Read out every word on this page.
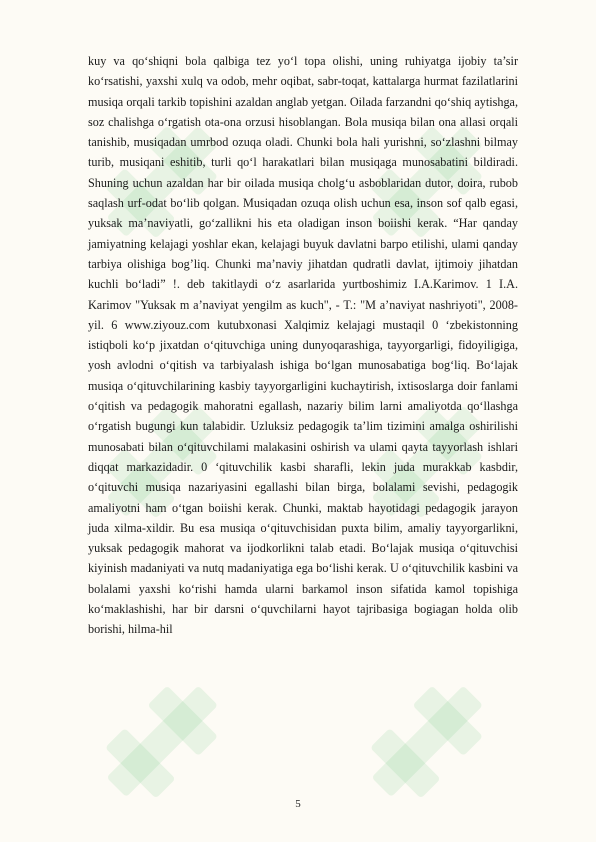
kuy va qo‘shiqni bola qalbiga tez yo‘l topa olishi, uning ruhiyatga ijobiy ta’sir ko‘rsatishi, yaxshi xulq va odob, mehr oqibat, sabr-toqat, kattalarga hurmat fazilatlarini musiqa orqali tarkib topishini azaldan anglab yetgan. Oilada farzandni qo‘shiq aytishga, soz chalishga o‘rgatish ota-ona orzusi hisoblangan. Bola musiqa bilan ona allasi orqali tanishib, musiqadan umrbod ozuqa oladi. Chunki bola hali yurishni, so‘zlashni bilmay turib, musiqani eshitib, turli qo‘l harakatlari bilan musiqaga munosabatini bildiradi. Shuning uchun azaldan har bir oilada musiqa cholg‘u asboblaridan dutor, doira, rubob saqlash urf-odat bo‘lib qolgan. Musiqadan ozuqa olish uchun esa, inson sof qalb egasi, yuksak ma’naviyatli, go‘zallikni his eta oladigan inson boiishi kerak. “Har qanday jamiyatning kelajagi yoshlar ekan, kelajagi buyuk davlatni barpo etilishi, ulami qanday tarbiya olishiga bog’liq. Chunki ma’naviy jihatdan qudratli davlat, ijtimoiy jihatdan kuchli bo‘ladi” !. deb takitlaydi o‘z asarlarida yurtboshimiz I.A.Karimov. 1 I.A. Karimov "Yuksak m a’naviyat yengilm as kuch", - T.: "M a’naviyat nashriyoti", 2008-yil. 6 www.ziyouz.com kutubxonasi Xalqimiz kelajagi mustaqil 0 ‘zbekistonning istiqboli ko‘p jixatdan o‘qituvchiga uning dunyoqarashiga, tayyorgarligi, fidoyiligiga, yosh avlodni o‘qitish va tarbiyalash ishiga bo‘lgan munosabatiga bog‘liq. Bo‘lajak musiqa o‘qituvchilarining kasbiy tayyorgarligini kuchaytirish, ixtisoslarga doir fanlami o‘qitish va pedagogik mahoratni egallash, nazariy bilim larni amaliyotda qo‘llashga o‘rgatish bugungi kun talabidir. Uzluksiz pedagogik ta’lim tizimini amalga oshirilishi munosabati bilan o‘qituvchilami malakasini oshirish va ulami qayta tayyorlash ishlari diqqat markazidadir. 0 ‘qituvchilik kasbi sharafli, lekin juda murakkab kasbdir, o‘qituvchi musiqa nazariyasini egallashi bilan birga, bolalami sevishi, pedagogik amaliyotni ham o‘tgan boiishi kerak. Chunki, maktab hayotidagi pedagogik jarayon juda xilma-xildir. Bu esa musiqa o‘qituvchisidan puxta bilim, amaliy tayyorgarlikni, yuksak pedagogik mahorat va ijodkorlikni talab etadi. Bo‘lajak musiqa o‘qituvchisi kiyinish madaniyati va nutq madaniyatiga ega bo‘lishi kerak. U o‘qituvchilik kasbini va bolalami yaxshi ko‘rishi hamda ularni barkamol inson sifatida kamol topishiga ko‘maklashishi, har bir darsni o‘quvchilarni hayot tajribasiga bogiagan holda olib borishi, hilma-hil

5
